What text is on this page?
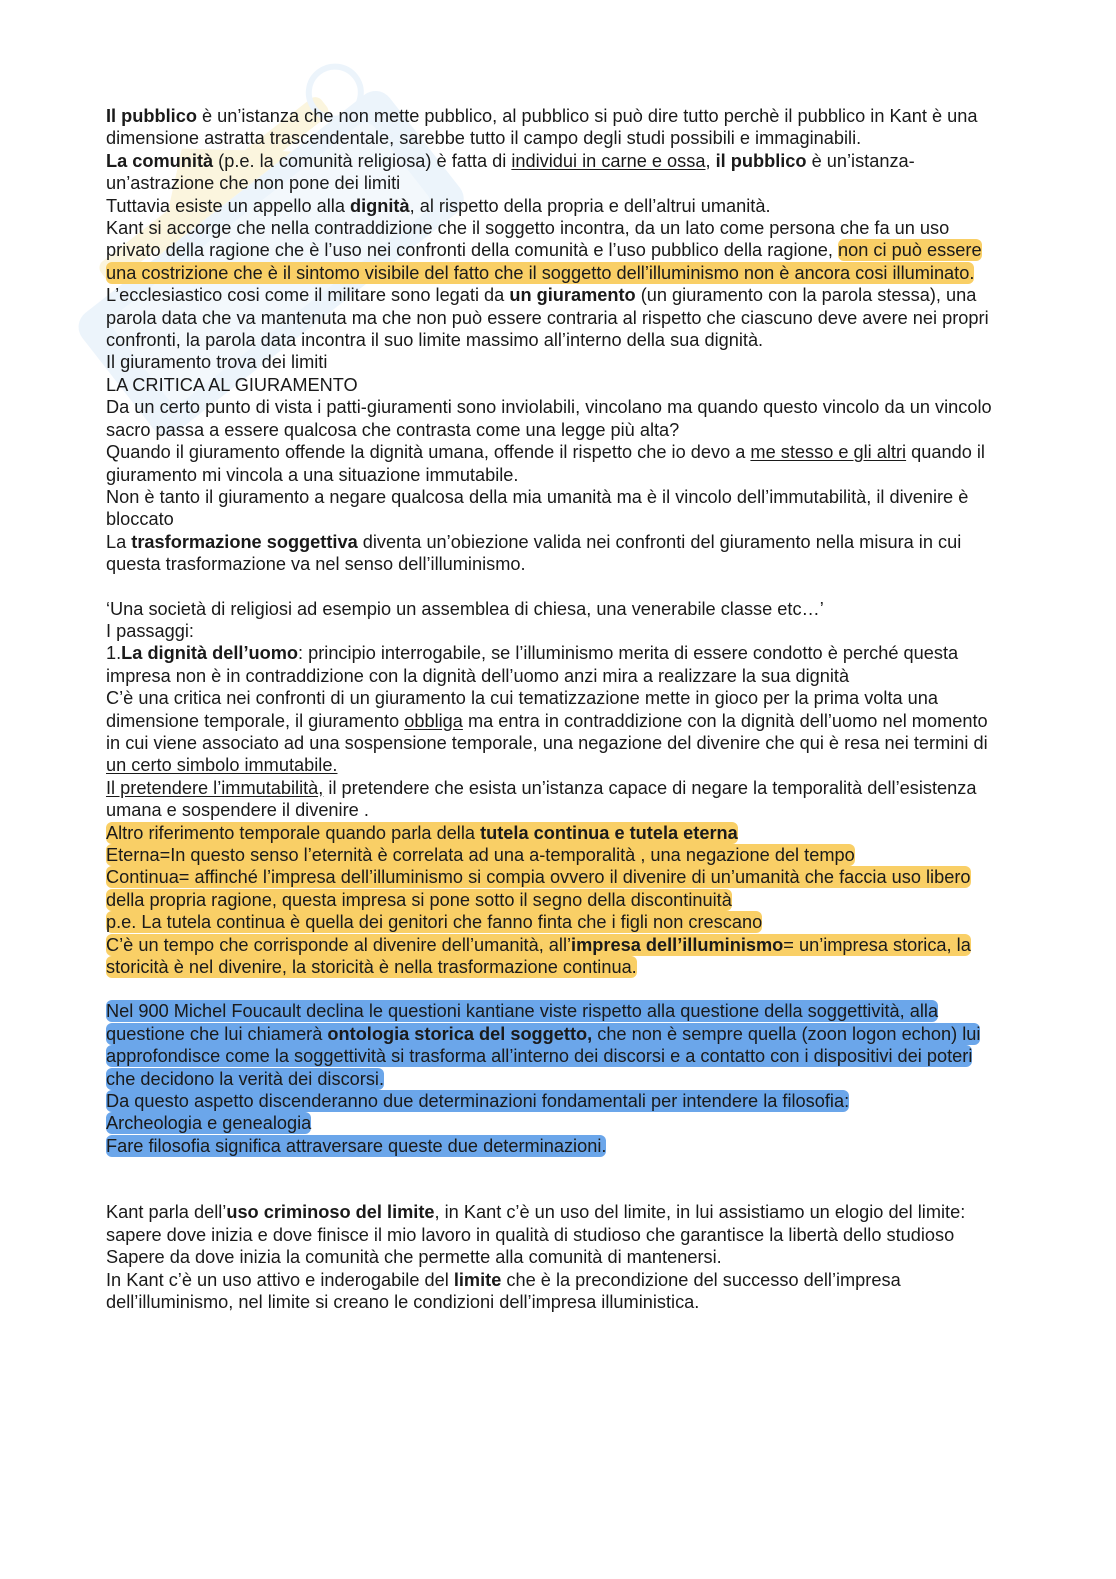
Il pubblico è un’istanza che non mette pubblico, al pubblico si può dire tutto perchè il pubblico in Kant è una dimensione astratta trascendentale, sarebbe tutto il campo degli studi possibili e immaginabili.

La comunità (p.e. la comunità religiosa) è fatta di individui in carne e ossa, il pubblico è un’istanza- un’astrazione che non pone dei limiti

Tuttavia esiste un appello alla dignità, al rispetto della propria e dell’altrui umanità.

Kant si accorge che nella contraddizione che il soggetto incontra, da un lato come persona che fa un uso privato della ragione che è l’uso nei confronti della comunità e l’uso pubblico della ragione, non ci può essere una costrizione che è il sintomo visibile del fatto che il soggetto dell’illuminismo non è ancora cosi illuminato.

L’ecclesiastico cosi come il militare sono legati da un giuramento (un giuramento con la parola stessa), una parola data che va mantenuta ma che non può essere contraria al rispetto che ciascuno deve avere nei propri confronti, la parola data incontra il suo limite massimo all’interno della sua dignità.

Il giuramento trova dei limiti

LA CRITICA AL GIURAMENTO

Da un certo punto di vista i patti-giuramenti sono inviolabili, vincolano ma quando questo vincolo da un vincolo sacro passa a essere qualcosa che contrasta come una legge più alta?

Quando il giuramento offende la dignità umana, offende il rispetto che io devo a me stesso e gli altri quando il giuramento mi vincola a una situazione immutabile.

Non è tanto il giuramento a negare qualcosa della mia umanità ma è il vincolo dell’immutabilità, il divenire è bloccato

La trasformazione soggettiva diventa un’obiezione valida nei confronti del giuramento nella misura in cui questa trasformazione va nel senso dell’illuminismo.

‘Una società di religiosi ad esempio un assemblea di chiesa, una venerabile classe etc…’

I passaggi:

1.La dignità dell’uomo: principio interrogabile, se l’illuminismo merita di essere condotto è perché questa impresa non è in contraddizione con la dignità dell’uomo anzi mira a realizzare la sua dignità

C’è una critica nei confronti di un giuramento la cui tematizzazione mette in gioco per la prima volta una dimensione temporale, il giuramento obbliga ma entra in contraddizione con la dignità dell’uomo nel momento in cui viene associato ad una sospensione temporale, una negazione del divenire che qui è resa nei termini di un certo simbolo immutabile.

Il pretendere l’immutabilità, il pretendere che esista un’istanza capace di negare la temporalità dell’esistenza umana e sospendere il divenire .

Altro riferimento temporale quando parla della tutela continua e tutela eterna

Eterna=In questo senso l’eternità è correlata ad una a-temporalità , una negazione del tempo

Continua= affinché l’impresa dell’illuminismo si compia ovvero il divenire di un’umanità che faccia uso libero della propria ragione, questa impresa si pone sotto il segno della discontinuità

p.e. La tutela continua è quella dei genitori che fanno finta che i figli non crescano

C’è un tempo che corrisponde al divenire dell’umanità, all’impresa dell’illuminismo= un’impresa storica, la storicità è nel divenire, la storicità è nella trasformazione continua.

Nel 900 Michel Foucault declina le questioni kantiane viste rispetto alla questione della soggettività, alla questione che lui chiamerà ontologia storica del soggetto, che non è sempre quella (zoon logon echon) lui approfondisce come la soggettività si trasforma all’interno dei discorsi e a contatto con i dispositivi dei poteri che decidono la verità dei discorsi.

Da questo aspetto discenderanno due determinazioni fondamentali per intendere la filosofia:

Archeologia e genealogia

Fare filosofia significa attraversare queste due determinazioni.

Kant parla dell’uso criminoso del limite, in Kant c’è un uso del limite, in lui assistiamo un elogio del limite: sapere dove inizia e dove finisce il mio lavoro in qualità di studioso che garantisce la libertà dello studioso

Sapere da dove inizia la comunità che permette alla comunità di mantenersi.

In Kant c’è un uso attivo e inderogabile del limite che è la precondizione del successo dell’impresa dell’illuminismo, nel limite si creano le condizioni dell’impresa illuministica.
